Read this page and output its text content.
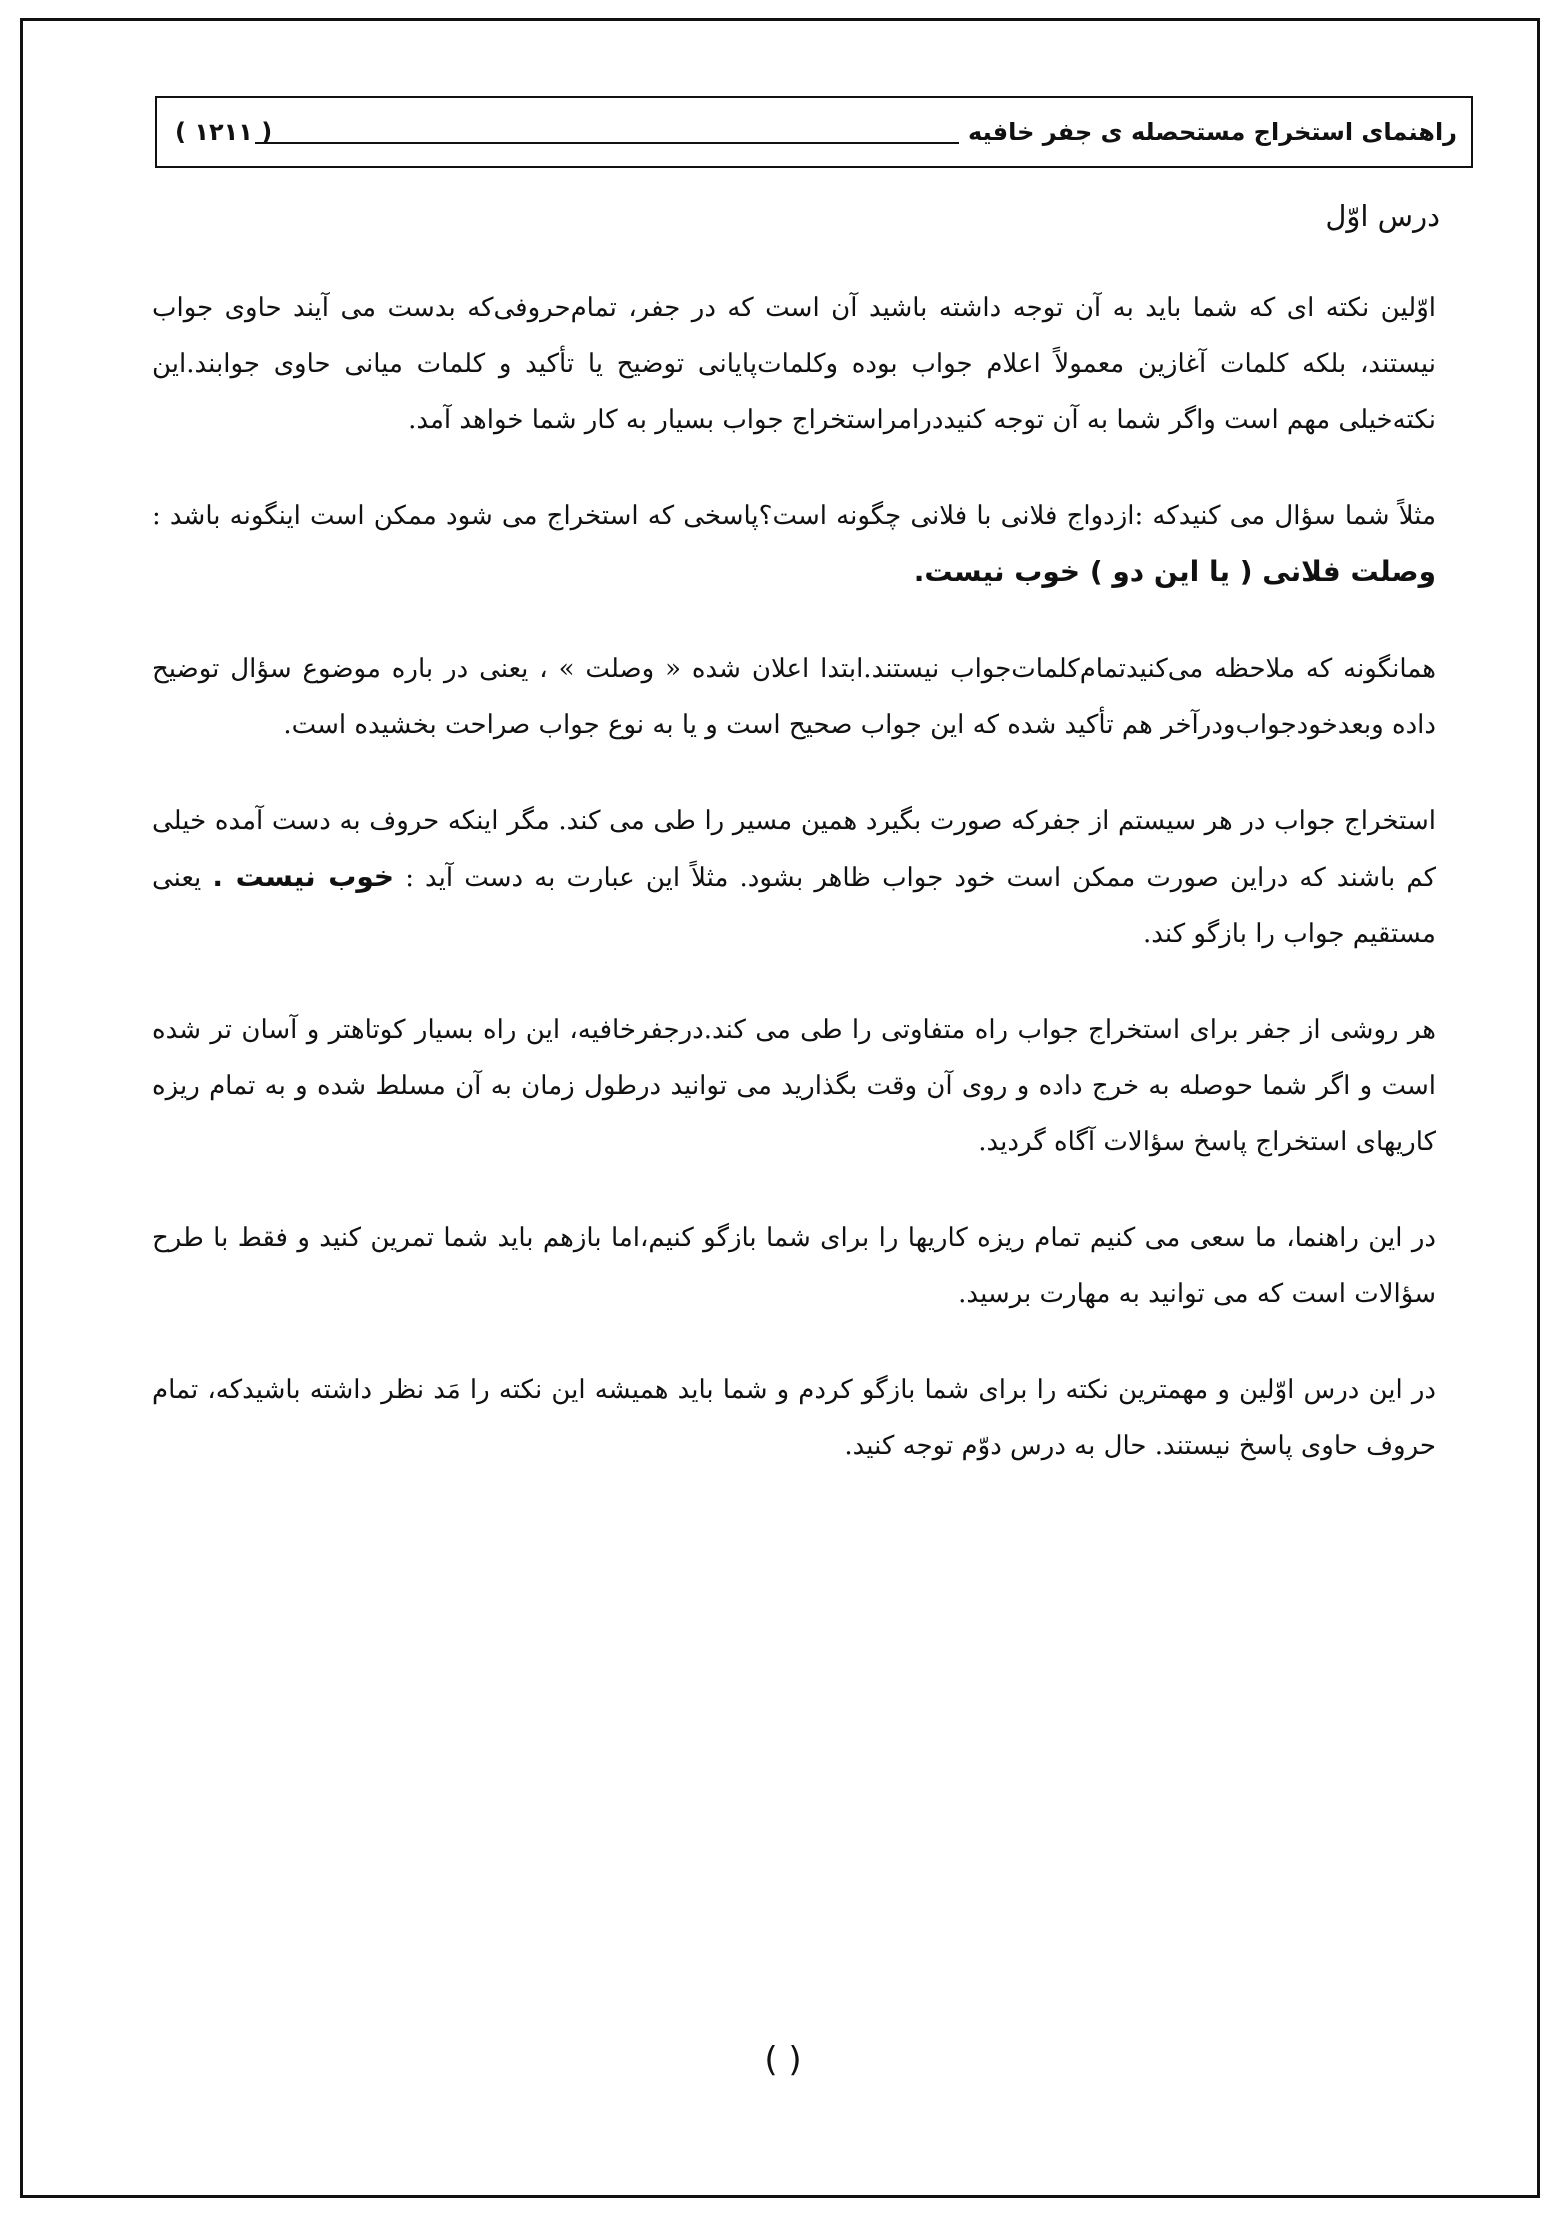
راهنمای استخراج مستحصله ی جفر خافیه
( ۱۲۱۱ )
درس اوّل

اوّلین نکته ای که شما باید به آن توجه داشته باشید آن است که در جفر، تمام‌حروفی‌که بدست می آیند حاوی جواب نیستند، بلکه کلمات آغازین معمولاً اعلام جواب بوده وکلمات‌پایانی توضیح یا تأکید و کلمات میانی حاوی جوابند.این نکته‌خیلی مهم است واگر شما به آن توجه کنیددرامراستخراج جواب بسیار به کار شما خواهد آمد.

مثلاً شما سؤال می کنیدکه :ازدواج فلانی با فلانی چگونه است؟پاسخی که استخراج می شود ممکن است اینگونه باشد : وصلت فلانی ( یا این دو ) خوب نیست.

همانگونه که ملاحظه می‌کنیدتمام‌کلمات‌جواب نیستند.ابتدا اعلان شده « وصلت » ، یعنی در باره موضوع سؤال توضیح داده وبعدخودجواب‌ودرآخر هم تأکید شده که این جواب صحیح است و یا به نوع جواب صراحت بخشیده است.

استخراج جواب در هر سیستم از جفرکه صورت بگیرد همین مسیر را طی می کند. مگر اینکه حروف به دست آمده خیلی کم باشند که دراین صورت ممکن است خود جواب ظاهر بشود. مثلاً این عبارت به دست آید : خوب نیست . یعنی مستقیم جواب را بازگو کند.

هر روشی از جفر برای استخراج جواب راه متفاوتی را طی می کند.درجفرخافیه، این راه بسیار کوتاهتر و آسان تر شده است و اگر شما حوصله به خرج داده و روی آن وقت بگذارید می توانید درطول زمان به آن مسلط شده و به تمام ریزه کاریهای استخراج پاسخ سؤالات آگاه گردید.

در این راهنما، ما سعی می کنیم تمام ریزه کاریها را برای شما بازگو کنیم،اما بازهم باید شما تمرین کنید و فقط با طرح سؤالات است که می توانید به مهارت برسید.

در این درس اوّلین و مهمترین نکته را برای شما بازگو کردم و شما باید همیشه این نکته را مَد نظر داشته باشیدکه، تمام حروف حاوی پاسخ نیستند. حال به درس دوّم توجه کنید.

( )
